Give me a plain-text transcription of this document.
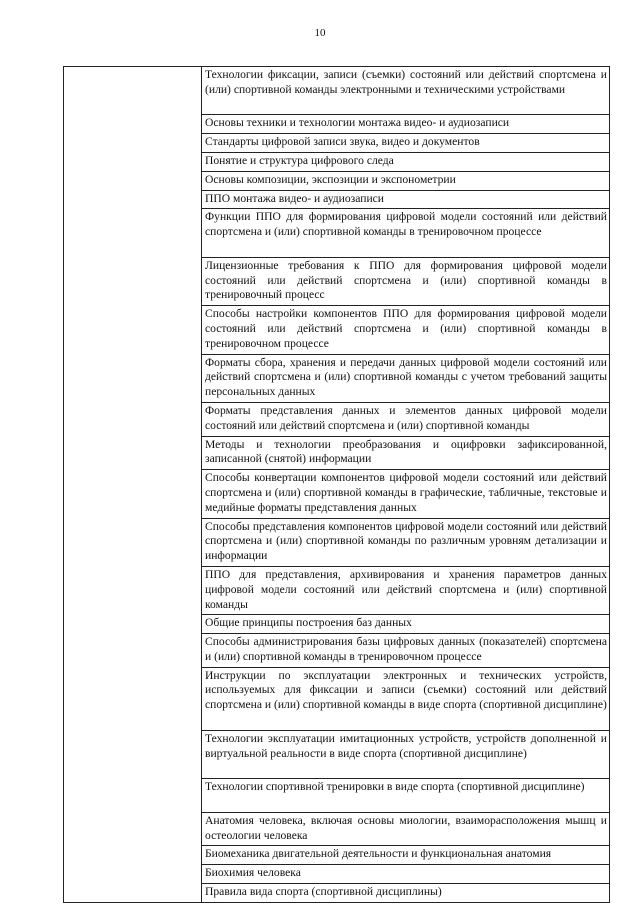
10

Технологии фиксации, записи (съемки) состояний или действий спортсмена и (или) спортивной команды электронными и техническими устройствами

Основы техники и технологии монтажа видео- и аудиозаписи

Стандарты цифровой записи звука, видео и документов

Понятие и структура цифрового следа

Основы композиции, экспозиции и экспонометрии

ППО монтажа видео- и аудиозаписи

Функции ППО для формирования цифровой модели состояний или действий спортсмена и (или) спортивной команды в тренировочном процессе

Лицензионные требования к ППО для формирования цифровой модели состояний или действий спортсмена и (или) спортивной команды в тренировочный процесс

Способы настройки компонентов ППО для формирования цифровой модели состояний или действий спортсмена и (или) спортивной команды в тренировочном процессе

Форматы сбора, хранения и передачи данных цифровой модели состояний или действий спортсмена и (или) спортивной команды с учетом требований защиты персональных данных

Форматы представления данных и элементов данных цифровой модели состояний или действий спортсмена и (или) спортивной команды

Методы и технологии преобразования и оцифровки зафиксированной, записанной (снятой) информации

Способы конвертации компонентов цифровой модели состояний или действий спортсмена и (или) спортивной команды в графические, табличные, текстовые и медийные форматы представления данных

Способы представления компонентов цифровой модели состояний или действий спортсмена и (или) спортивной команды по различным уровням детализации и информации

ППО для представления, архивирования и хранения параметров данных цифровой модели состояний или действий спортсмена и (или) спортивной команды

Общие принципы построения баз данных

Способы администрирования базы цифровых данных (показателей) спортсмена и (или) спортивной команды в тренировочном процессе

Инструкции по эксплуатации электронных и технических устройств, используемых для фиксации и записи (съемки) состояний или действий спортсмена и (или) спортивной команды в виде спорта (спортивной дисциплине)

Технологии эксплуатации имитационных устройств, устройств дополненной и виртуальной реальности в виде спорта (спортивной дисциплине)

Технологии спортивной тренировки в виде спорта (спортивной дисциплине)

Анатомия человека, включая основы миологии, взаиморасположения мышц и остеологии человека

Биомеханика двигательной деятельности и функциональная анатомия

Биохимия человека

Правила вида спорта (спортивной дисциплины)
